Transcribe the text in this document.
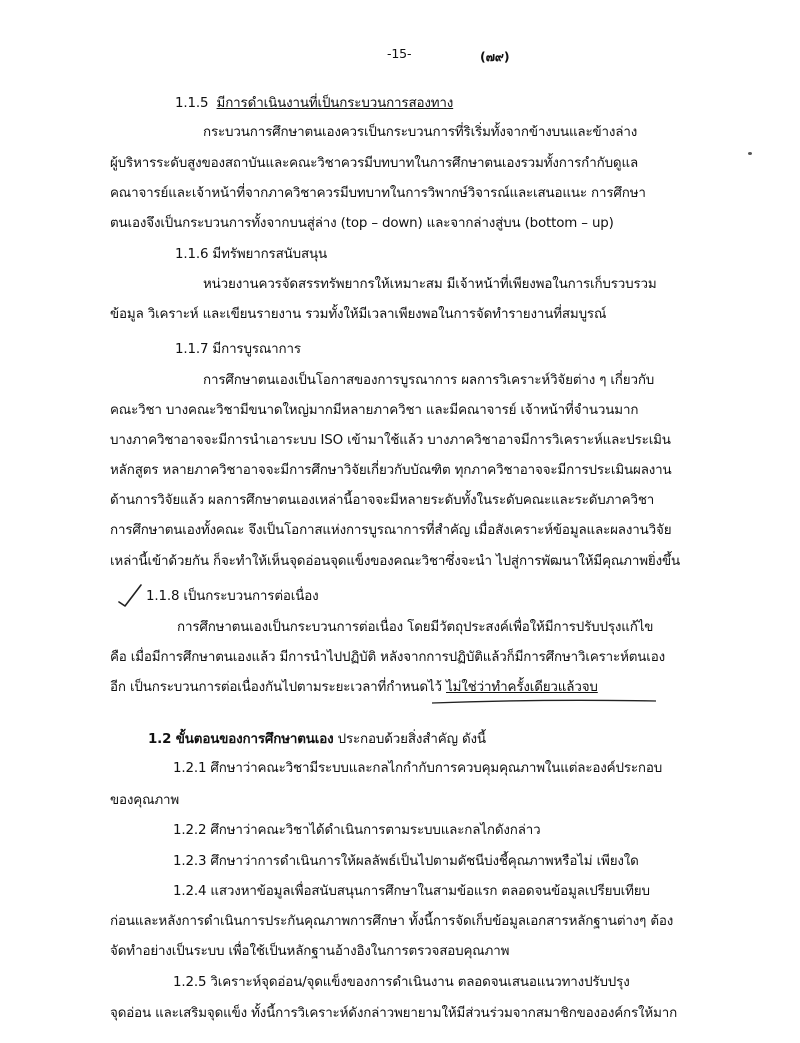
-15-	(๗๙)
1.1.5 มีการดำเนินงานที่เป็นกระบวนการสองทาง
กระบวนการศึกษาตนเองควรเป็นกระบวนการที่ริเริ่มทั้งจากข้างบนและข้างล่าง
ผู้บริหารระดับสูงของสถาบันและคณะวิชาควรมีบทบาทในการศึกษาตนเองรวมทั้งการกำกับดูแล
คณาจารย์และเจ้าหน้าที่จากภาควิชาควรมีบทบาทในการวิพากษ์วิจารณ์และเสนอแนะ การศึกษา
ตนเองจึงเป็นกระบวนการทั้งจากบนสู่ล่าง (top – down) และจากล่างสู่บน (bottom – up)
1.1.6 มีทรัพยากรสนับสนุน
หน่วยงานควรจัดสรรทรัพยากรให้เหมาะสม มีเจ้าหน้าที่เพียงพอในการเก็บรวบรวม
ข้อมูล วิเคราะห์ และเขียนรายงาน รวมทั้งให้มีเวลาเพียงพอในการจัดทำรายงานที่สมบูรณ์
1.1.7 มีการบูรณาการ
การศึกษาตนเองเป็นโอกาสของการบูรณาการ ผลการวิเคราะห์วิจัยต่าง ๆ เกี่ยวกับ
คณะวิชา บางคณะวิชามีขนาดใหญ่มากมีหลายภาควิชา และมีคณาจารย์ เจ้าหน้าที่จำนวนมาก
บางภาควิชาอาจจะมีการนำเอาระบบ ISO เข้ามาใช้แล้ว บางภาควิชาอาจมีการวิเคราะห์และประเมิน
หลักสูตร หลายภาควิชาอาจจะมีการศึกษาวิจัยเกี่ยวกับบัณฑิต ทุกภาควิชาอาจจะมีการประเมินผลงาน
ด้านการวิจัยแล้ว ผลการศึกษาตนเองเหล่านี้อาจจะมีหลายระดับทั้งในระดับคณะและระดับภาควิชา
การศึกษาตนเองทั้งคณะ จึงเป็นโอกาสแห่งการบูรณาการที่สำคัญ เมื่อสังเคราะห์ข้อมูลและผลงานวิจัย
เหล่านี้เข้าด้วยกัน ก็จะทำให้เห็นจุดอ่อนจุดแข็งของคณะวิชาซึ่งจะนำ ไปสู่การพัฒนาให้มีคุณภาพยิ่งขึ้น
1.1.8 เป็นกระบวนการต่อเนื่อง
การศึกษาตนเองเป็นกระบวนการต่อเนื่อง โดยมีวัตถุประสงค์เพื่อให้มีการปรับปรุงแก้ไข
คือ เมื่อมีการศึกษาตนเองแล้ว มีการนำไปปฏิบัติ หลังจากการปฏิบัติแล้วก็มีการศึกษาวิเคราะห์ตนเอง
อีก เป็นกระบวนการต่อเนื่องกันไปตามระยะเวลาที่กำหนดไว้ ไม่ใช่ว่าทำครั้งเดียวแล้วจบ
1.2 ขั้นตอนของการศึกษาตนเอง ประกอบด้วยสิ่งสำคัญ ดังนี้
1.2.1 ศึกษาว่าคณะวิชามีระบบและกลไกกำกับการควบคุมคุณภาพในแต่ละองค์ประกอบ
ของคุณภาพ
1.2.2 ศึกษาว่าคณะวิชาได้ดำเนินการตามระบบและกลไกดังกล่าว
1.2.3 ศึกษาว่าการดำเนินการให้ผลลัพธ์เป็นไปตามดัชนีบ่งชี้คุณภาพหรือไม่ เพียงใด
1.2.4 แสวงหาข้อมูลเพื่อสนับสนุนการศึกษาในสามข้อแรก ตลอดจนข้อมูลเปรียบเทียบ
ก่อนและหลังการดำเนินการประกันคุณภาพการศึกษา ทั้งนี้การจัดเก็บข้อมูลเอกสารหลักฐานต่างๆ ต้อง
จัดทำอย่างเป็นระบบ เพื่อใช้เป็นหลักฐานอ้างอิงในการตรวจสอบคุณภาพ
1.2.5 วิเคราะห์จุดอ่อน/จุดแข็งของการดำเนินงาน ตลอดจนเสนอแนวทางปรับปรุง
จุดอ่อน และเสริมจุดแข็ง ทั้งนี้การวิเคราะห์ดังกล่าวพยายามให้มีส่วนร่วมจากสมาชิกขององค์กรให้มาก
